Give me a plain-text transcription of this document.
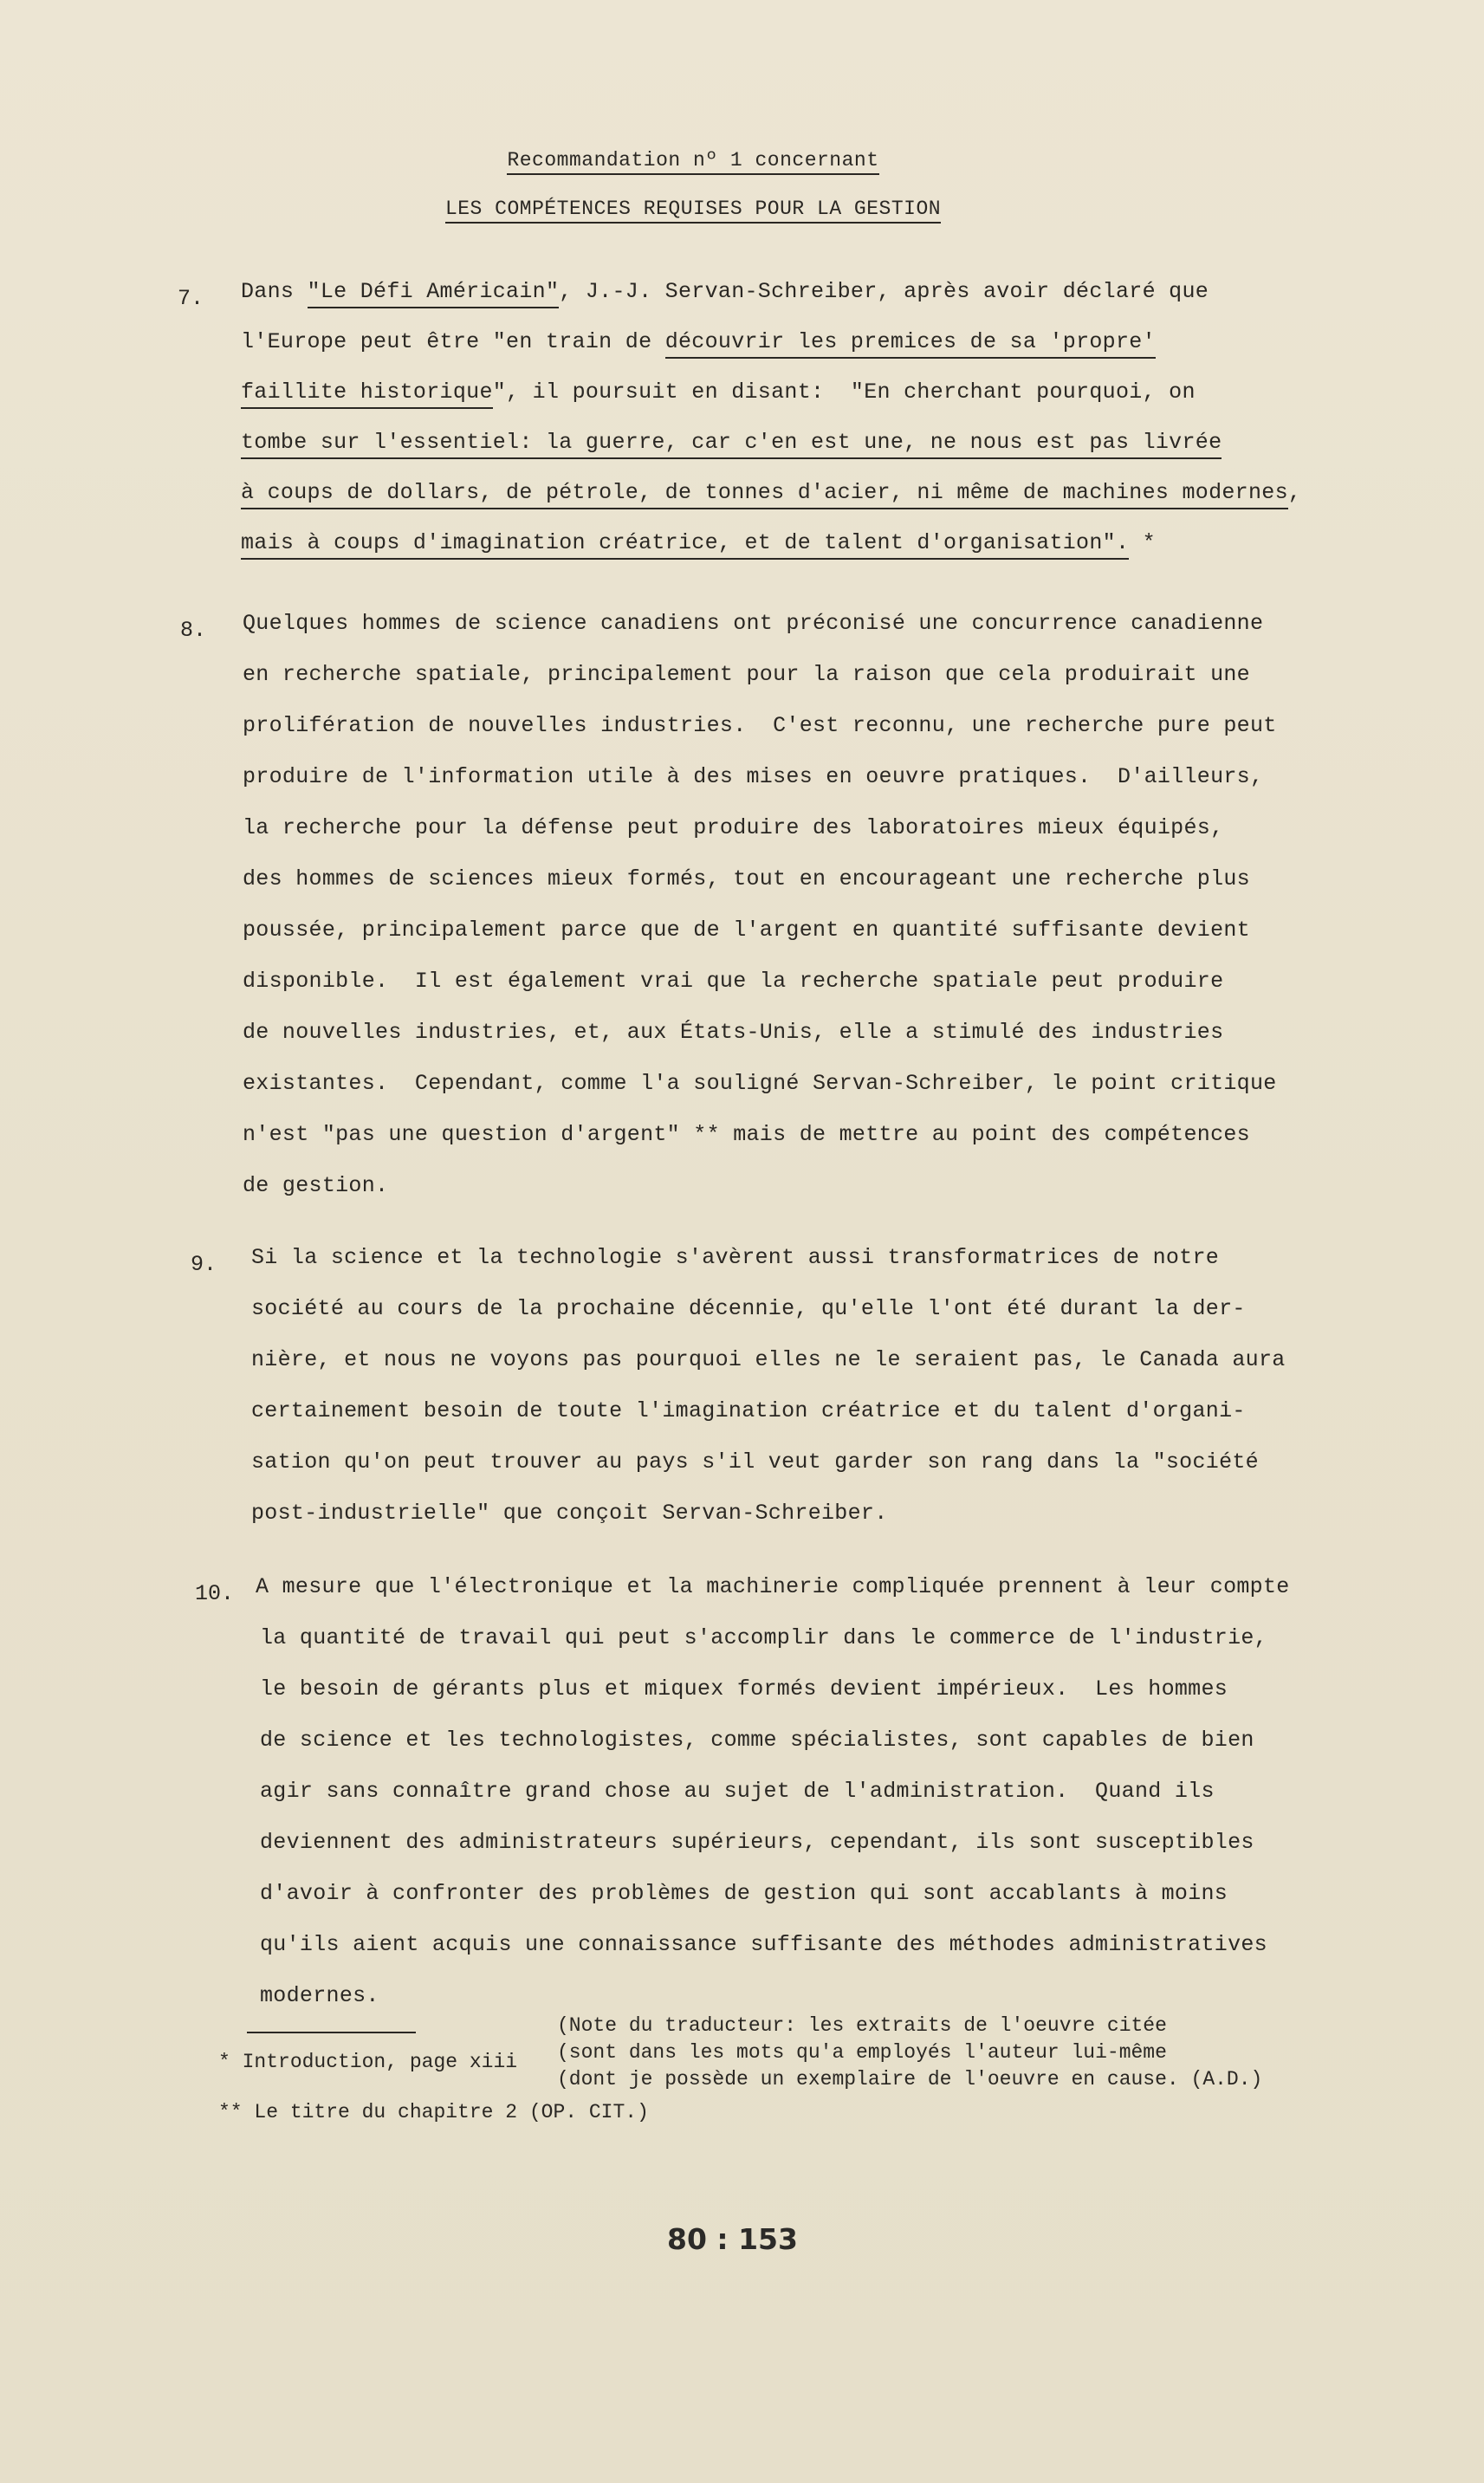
Recommandation nº 1 concernant
LES COMPÉTENCES REQUISES POUR LA GESTION
7. Dans "Le Défi Américain", J.-J. Servan-Schreiber, après avoir déclaré que
l'Europe peut être "en train de découvrir les premices de sa 'propre'
faillite historique", il poursuit en disant:  "En cherchant pourquoi, on
tombe sur l'essentiel: la guerre, car c'en est une, ne nous est pas livrée
à coups de dollars, de pétrole, de tonnes d'acier, ni même de machines modernes,
mais à coups d'imagination créatrice, et de talent d'organisation". *
8. Quelques hommes de science canadiens ont préconisé une concurrence canadienne
en recherche spatiale, principalement pour la raison que cela produirait une
prolifération de nouvelles industries.  C'est reconnu, une recherche pure peut
produire de l'information utile à des mises en oeuvre pratiques.  D'ailleurs,
la recherche pour la défense peut produire des laboratoires mieux équipés,
des hommes de sciences mieux formés, tout en encourageant une recherche plus
poussée, principalement parce que de l'argent en quantité suffisante devient
disponible.  Il est également vrai que la recherche spatiale peut produire
de nouvelles industries, et, aux États-Unis, elle a stimulé des industries
existantes.  Cependant, comme l'a souligné Servan-Schreiber, le point critique
n'est "pas une question d'argent" ** mais de mettre au point des compétences
de gestion.
9. Si la science et la technologie s'avèrent aussi transformatrices de notre
société au cours de la prochaine décennie, qu'elle l'ont été durant la der-
nière, et nous ne voyons pas pourquoi elles ne le seraient pas, le Canada aura
certainement besoin de toute l'imagination créatrice et du talent d'organi-
sation qu'on peut trouver au pays s'il veut garder son rang dans la "société
post-industrielle" que conçoit Servan-Schreiber.
10. A mesure que l'électronique et la machinerie compliquée prennent à leur compte
la quantité de travail qui peut s'accomplir dans le commerce de l'industrie,
le besoin de gérants plus et miquex formés devient impérieux.  Les hommes
de science et les technologistes, comme spécialistes, sont capables de bien
agir sans connaître grand chose au sujet de l'administration.  Quand ils
deviennent des administrateurs supérieurs, cependant, ils sont susceptibles
d'avoir à confronter des problèmes de gestion qui sont accablants à moins
qu'ils aient acquis une connaissance suffisante des méthodes administratives
modernes.
* Introduction, page xiii
** Le titre du chapitre 2 (OP. CIT.)
(Note du traducteur: les extraits de l'oeuvre citée
(sont dans les mots qu'a employés l'auteur lui-même
(dont je possède un exemplaire de l'oeuvre en cause. (A.D.)
80 : 153
